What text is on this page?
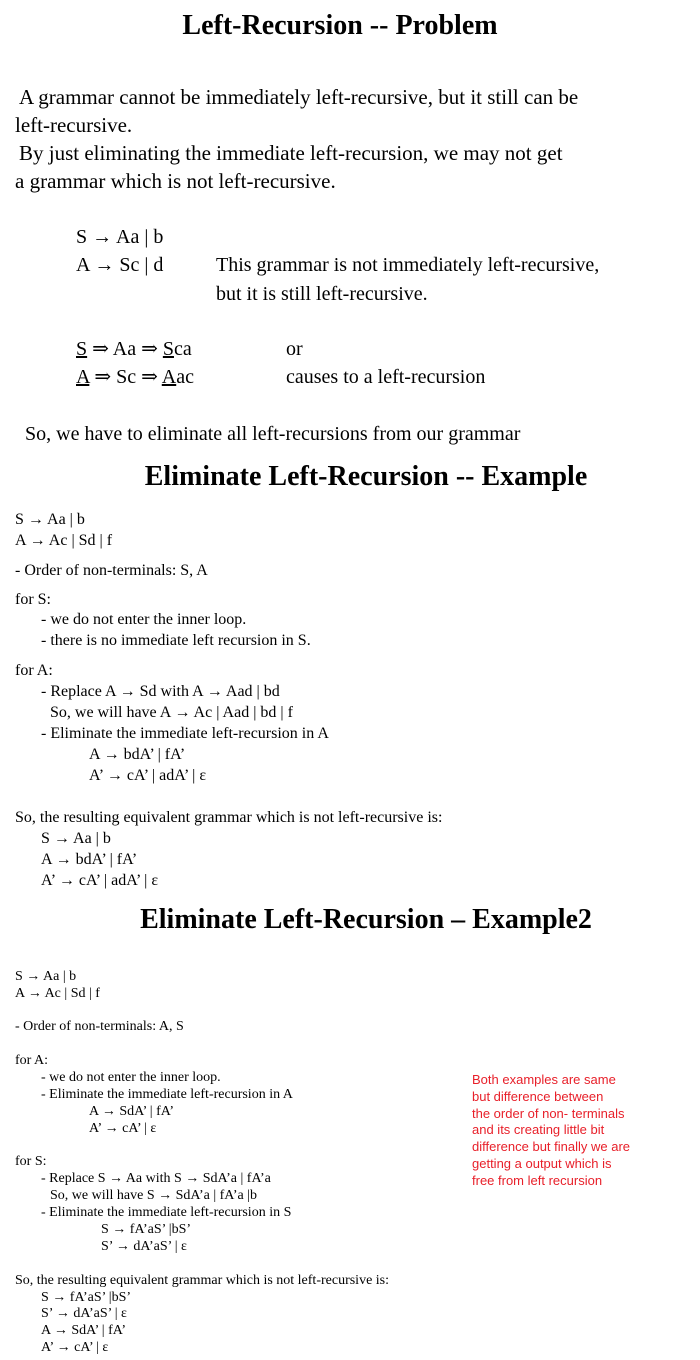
Left-Recursion -- Problem
A grammar cannot be immediately left-recursive, but it still can be
left-recursive.
By just eliminating the immediate left-recursion, we may not get
a grammar which is not left-recursive.
S → Aa | b
A → Sc | d	This grammar is not immediately left-recursive,
but it is still left-recursive.
S ⇒ Aa ⇒ Sca	or
A ⇒ Sc ⇒ Aac	causes to a left-recursion
So, we have to eliminate all left-recursions from our grammar
Eliminate Left-Recursion -- Example
S → Aa | b
A → Ac | Sd | f
- Order of non-terminals: S, A
for S:
- we do not enter the inner loop.
- there is no immediate left recursion in S.
for A:
- Replace A → Sd with A → Aad | bd
So, we will have A → Ac | Aad | bd | f
- Eliminate the immediate left-recursion in A
A → bdA’ | fA’
A’ → cA’ | adA’ | ε
So, the resulting equivalent grammar which is not left-recursive is:
S → Aa | b
A → bdA’ | fA’
A’ → cA’ | adA’ | ε
Eliminate Left-Recursion – Example2
S → Aa | b
A → Ac | Sd | f
- Order of non-terminals: A, S
for A:
- we do not enter the inner loop.
- Eliminate the immediate left-recursion in A
A → SdA’ | fA’
A’ → cA’ | ε
for S:
- Replace S → Aa with S → SdA’a | fA’a
So, we will have S → SdA’a | fA’a |b
- Eliminate the immediate left-recursion in S
S → fA’aS’ |bS’
S’ → dA’aS’ | ε
So, the resulting equivalent grammar which is not left-recursive is:
S → fA’aS’ |bS’
S’ → dA’aS’ | ε
A → SdA’ | fA’
A’ → cA’ | ε
Both examples are same
but difference between
the order of non- terminals
and its creating little bit
difference but finally we are
getting a output which is
free from left recursion
